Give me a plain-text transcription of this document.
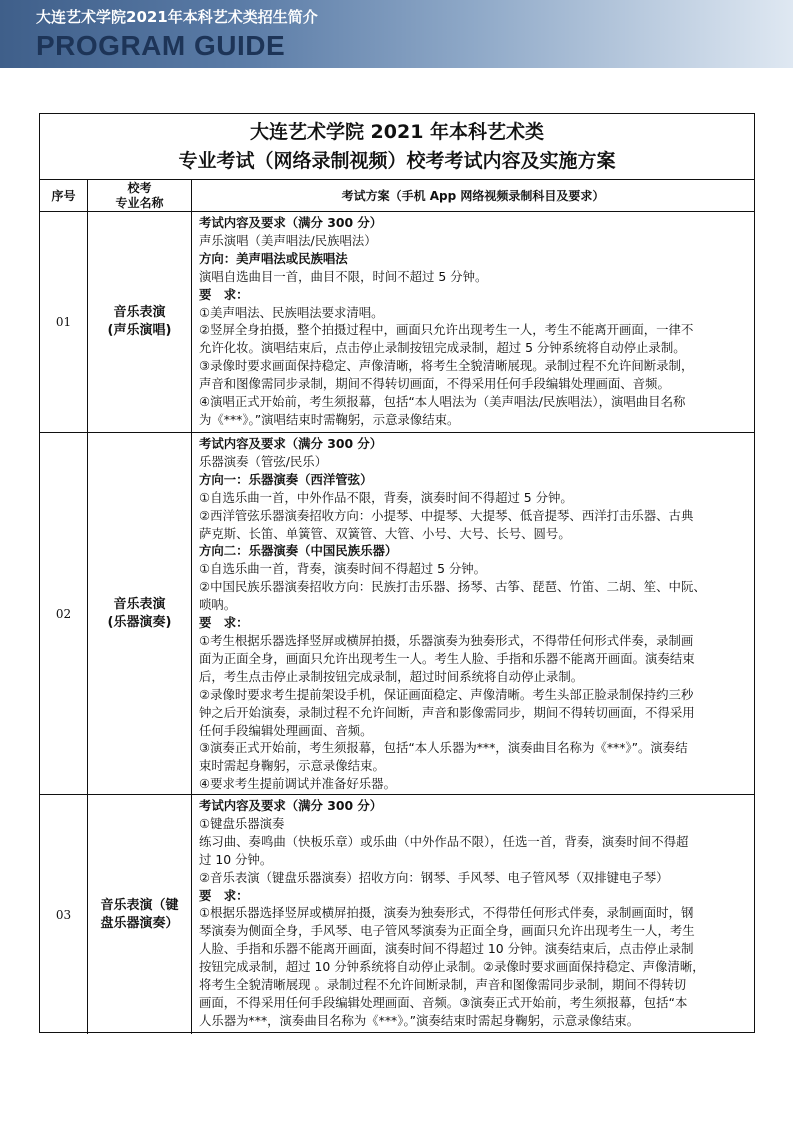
大连艺术学院2021年本科艺术类招生简介
PROGRAM GUIDE
大连艺术学院 2021 年本科艺术类
专业考试（网络录制视频）校考考试内容及实施方案
序号
校考
专业名称	考试方案（手机 App 网络视频录制科目及要求）
01
音乐表演
(声乐演唱)
考试内容及要求（满分 300 分）
声乐演唱（美声唱法/民族唱法）
方向：美声唱法或民族唱法
演唱自选曲目一首，曲目不限，时间不超过 5 分钟。
要　求：
①美声唱法、民族唱法要求清唱。
②竖屏全身拍摄，整个拍摄过程中，画面只允许出现考生一人，考生不能离开画面，一律不
允许化妆。演唱结束后，点击停止录制按钮完成录制，超过 5 分钟系统将自动停止录制。
③录像时要求画面保持稳定、声像清晰，将考生全貌清晰展现。录制过程不允许间断录制，
声音和图像需同步录制，期间不得转切画面，不得采用任何手段编辑处理画面、音频。
④演唱正式开始前，考生须报幕，包括“本人唱法为（美声唱法/民族唱法），演唱曲目名称
为《***》。”演唱结束时需鞠躬，示意录像结束。
02
音乐表演
(乐器演奏)
考试内容及要求（满分 300 分）
乐器演奏（管弦/民乐）
方向一：乐器演奏（西洋管弦）
①自选乐曲一首，中外作品不限，背奏，演奏时间不得超过 5 分钟。
②西洋管弦乐器演奏招收方向：小提琴、中提琴、大提琴、低音提琴、西洋打击乐器、古典
萨克斯、长笛、单簧管、双簧管、大管、小号、大号、长号、圆号。
方向二：乐器演奏（中国民族乐器）
①自选乐曲一首，背奏，演奏时间不得超过 5 分钟。
②中国民族乐器演奏招收方向：民族打击乐器、扬琴、古筝、琵琶、竹笛、二胡、笙、中阮、
唢呐。
要　求：
①考生根据乐器选择竖屏或横屏拍摄，乐器演奏为独奏形式，不得带任何形式伴奏，录制画
面为正面全身，画面只允许出现考生一人。考生人脸、手指和乐器不能离开画面。演奏结束
后，考生点击停止录制按钮完成录制，超过时间系统将自动停止录制。
②录像时要求考生提前架设手机，保证画面稳定、声像清晰。考生头部正脸录制保持约三秒
钟之后开始演奏，录制过程不允许间断，声音和影像需同步，期间不得转切画面，不得采用
任何手段编辑处理画面、音频。
③演奏正式开始前，考生须报幕，包括“本人乐器为***，演奏曲目名称为《***》”。演奏结
束时需起身鞠躬，示意录像结束。
④要求考生提前调试并准备好乐器。
03
音乐表演（键
盘乐器演奏）
考试内容及要求（满分 300 分）
①键盘乐器演奏
练习曲、奏鸣曲（快板乐章）或乐曲（中外作品不限），任选一首，背奏，演奏时间不得超
过 10 分钟。
②音乐表演（键盘乐器演奏）招收方向：钢琴、手风琴、电子管风琴（双排键电子琴）
要　求：
①根据乐器选择竖屏或横屏拍摄，演奏为独奏形式，不得带任何形式伴奏，录制画面时，钢
琴演奏为侧面全身，手风琴、电子管风琴演奏为正面全身，画面只允许出现考生一人，考生
人脸、手指和乐器不能离开画面，演奏时间不得超过 10 分钟。演奏结束后，点击停止录制
按钮完成录制，超过 10 分钟系统将自动停止录制。②录像时要求画面保持稳定、声像清晰，
将考生全貌清晰展现 。录制过程不允许间断录制，声音和图像需同步录制，期间不得转切
画面，不得采用任何手段编辑处理画面、音频。③演奏正式开始前，考生须报幕，包括“本
人乐器为***，演奏曲目名称为《***》。”演奏结束时需起身鞠躬，示意录像结束。
